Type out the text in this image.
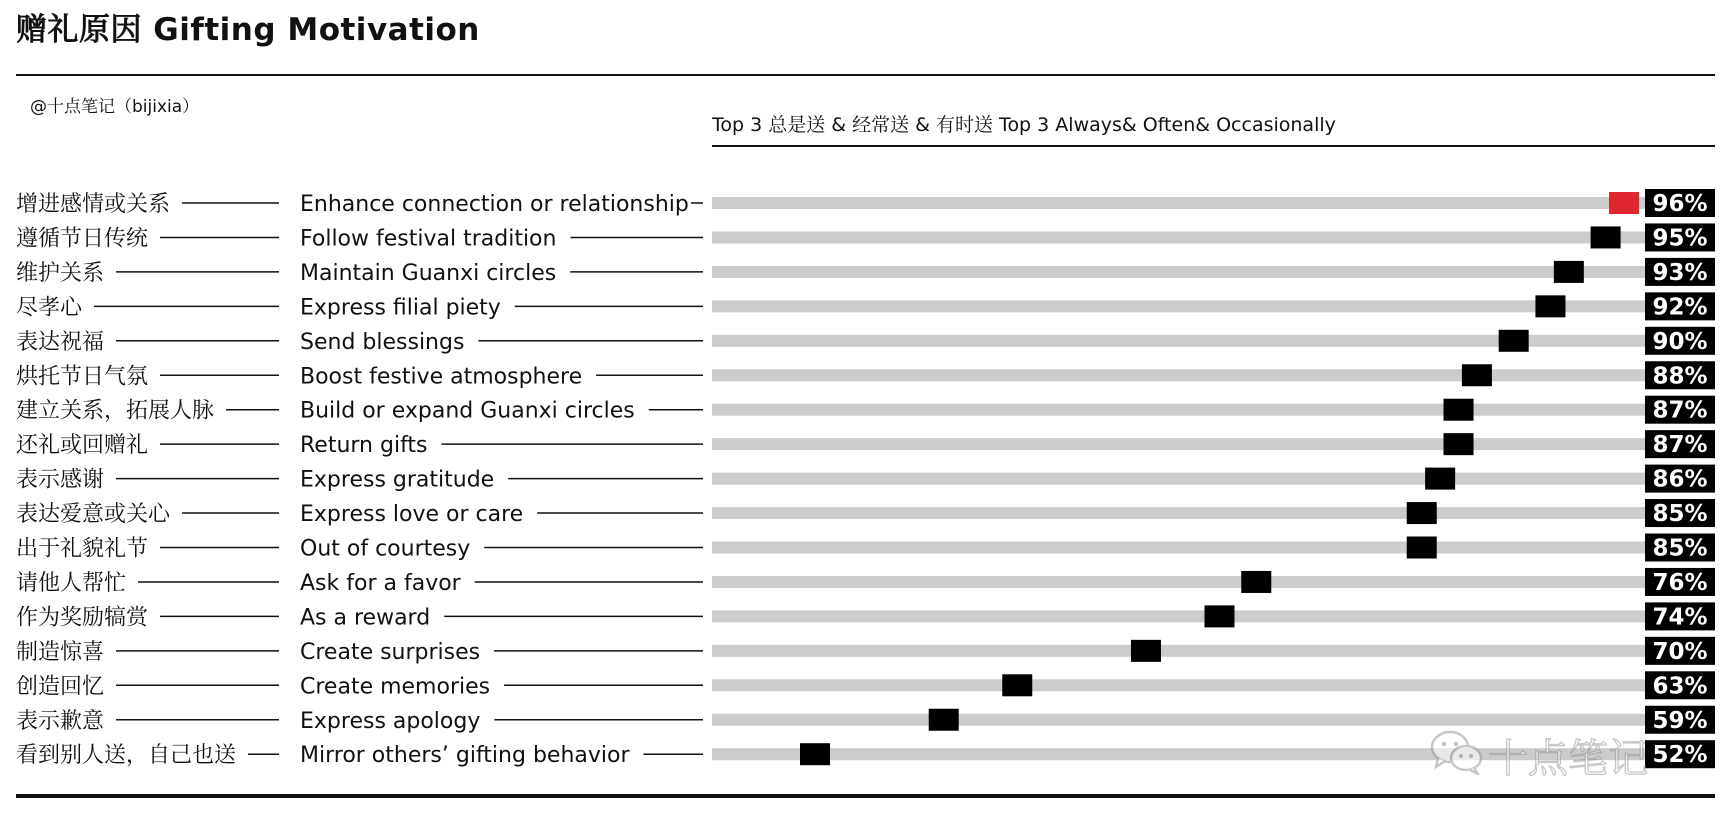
赠礼原因 Gifting Motivation
@十点笔记（bijixia）
Top 3 总是送 & 经常送 & 有时送 Top 3 Always& Often& Occasionally
增进感情或关系	Enhance connection or relationship	96%
遵循节日传统	Follow festival tradition	95%
维护关系	Maintain Guanxi circles	93%
尽孝心	Express filial piety	92%
表达祝福	Send blessings	90%
烘托节日气氛	Boost festive atmosphere	88%
建立关系，拓展人脉	Build or expand Guanxi circles	87%
还礼或回赠礼	Return gifts	87%
表示感谢	Express gratitude	86%
表达爱意或关心	Express love or care	85%
出于礼貌礼节	Out of courtesy	85%
请他人帮忙	Ask for a favor	76%
作为奖励犒赏	As a reward	74%
制造惊喜	Create surprises	70%
创造回忆	Create memories	63%
表示歉意	Express apology	59%
看到别人送，自己也送	Mirror others’ gifting behavior	52%
十点笔记
